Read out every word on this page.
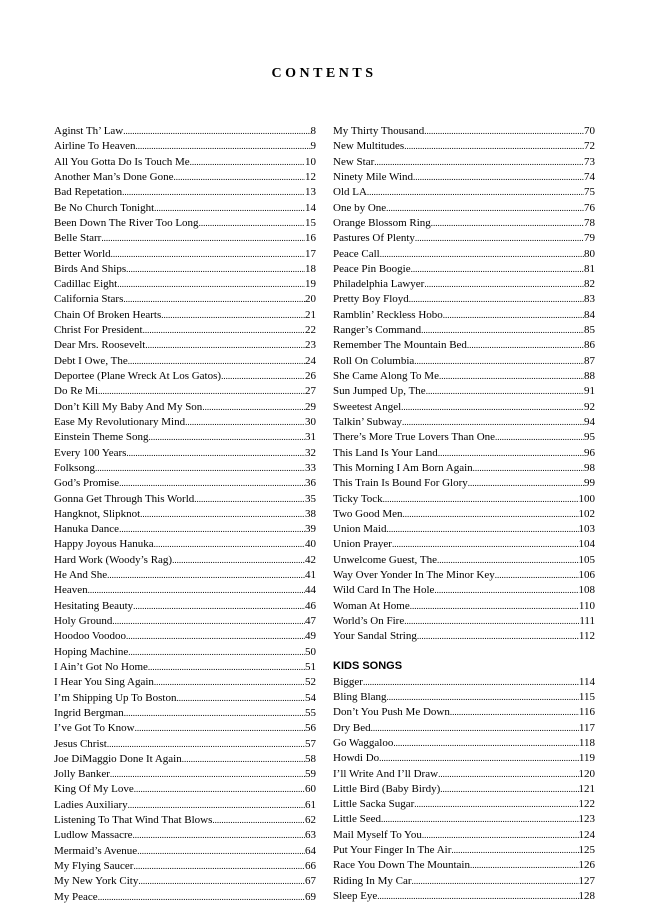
CONTENTS
Aginst Th’ Law .....	8
Airline To Heaven .....	9
All You Gotta Do Is Touch Me .....	10
Another Man’s Done Gone .....	12
Bad Repetation .....	13
Be No Church Tonight .....	14
Been Down The River Too Long .....	15
Belle Starr .....	16
Better World .....	17
Birds And Ships .....	18
Cadillac Eight .....	19
California Stars .....	20
Chain Of Broken Hearts .....	21
Christ For President .....	22
Dear Mrs. Roosevelt .....	23
Debt I Owe, The .....	24
Deportee (Plane Wreck At Los Gatos) .....	26
Do Re Mi .....	27
Don’t Kill My Baby And My Son .....	29
Ease My Revolutionary Mind .....	30
Einstein Theme Song .....	31
Every 100 Years .....	32
Folksong .....	33
God’s Promise .....	36
Gonna Get Through This World .....	35
Hangknot, Slipknot .....	38
Hanuka Dance .....	39
Happy Joyous Hanuka .....	40
Hard Work (Woody’s Rag) .....	42
He And She .....	41
Heaven .....	44
Hesitating Beauty .....	46
Holy Ground .....	47
Hoodoo Voodoo .....	49
Hoping Machine .....	50
I Ain’t Got No Home .....	51
I Hear You Sing Again .....	52
I’m Shipping Up To Boston .....	54
Ingrid Bergman .....	55
I’ve Got To Know .....	56
Jesus Christ .....	57
Joe DiMaggio Done It Again .....	58
Jolly Banker .....	59
King Of My Love .....	60
Ladies Auxiliary .....	61
Listening To That Wind That Blows .....	62
Ludlow Massacre .....	63
Mermaid’s Avenue .....	64
My Flying Saucer .....	66
My New York City .....	67
My Peace .....	69
My Thirty Thousand .....	70
New Multitudes .....	72
New Star .....	73
Ninety Mile Wind .....	74
Old LA .....	75
One by One .....	76
Orange Blossom Ring .....	78
Pastures Of Plenty .....	79
Peace Call .....	80
Peace Pin Boogie .....	81
Philadelphia Lawyer .....	82
Pretty Boy Floyd .....	83
Ramblin’ Reckless Hobo .....	84
Ranger’s Command .....	85
Remember The Mountain Bed .....	86
Roll On Columbia .....	87
She Came Along To Me .....	88
Sun Jumped Up, The .....	91
Sweetest Angel .....	92
Talkin’ Subway .....	94
There’s More True Lovers Than One .....	95
This Land Is Your Land .....	96
This Morning I Am Born Again .....	98
This Train Is Bound For Glory .....	99
Ticky Tock .....	100
Two Good Men .....	102
Union Maid .....	103
Union Prayer .....	104
Unwelcome Guest, The .....	105
Way Over Yonder In The Minor Key .....	106
Wild Card In The Hole .....	108
Woman At Home .....	110
World’s On Fire .....	111
Your Sandal String .....	112
KIDS SONGS
Bigger .....	114
Bling Blang .....	115
Don’t You Push Me Down .....	116
Dry Bed .....	117
Go Waggaloo .....	118
Howdi Do .....	119
I’ll Write And I’ll Draw .....	120
Little Bird (Baby Birdy) .....	121
Little Sacka Sugar .....	122
Little Seed .....	123
Mail Myself To You .....	124
Put Your Finger In The Air .....	125
Race You Down The Mountain .....	126
Riding In My Car .....	127
Sleep Eye .....	128
